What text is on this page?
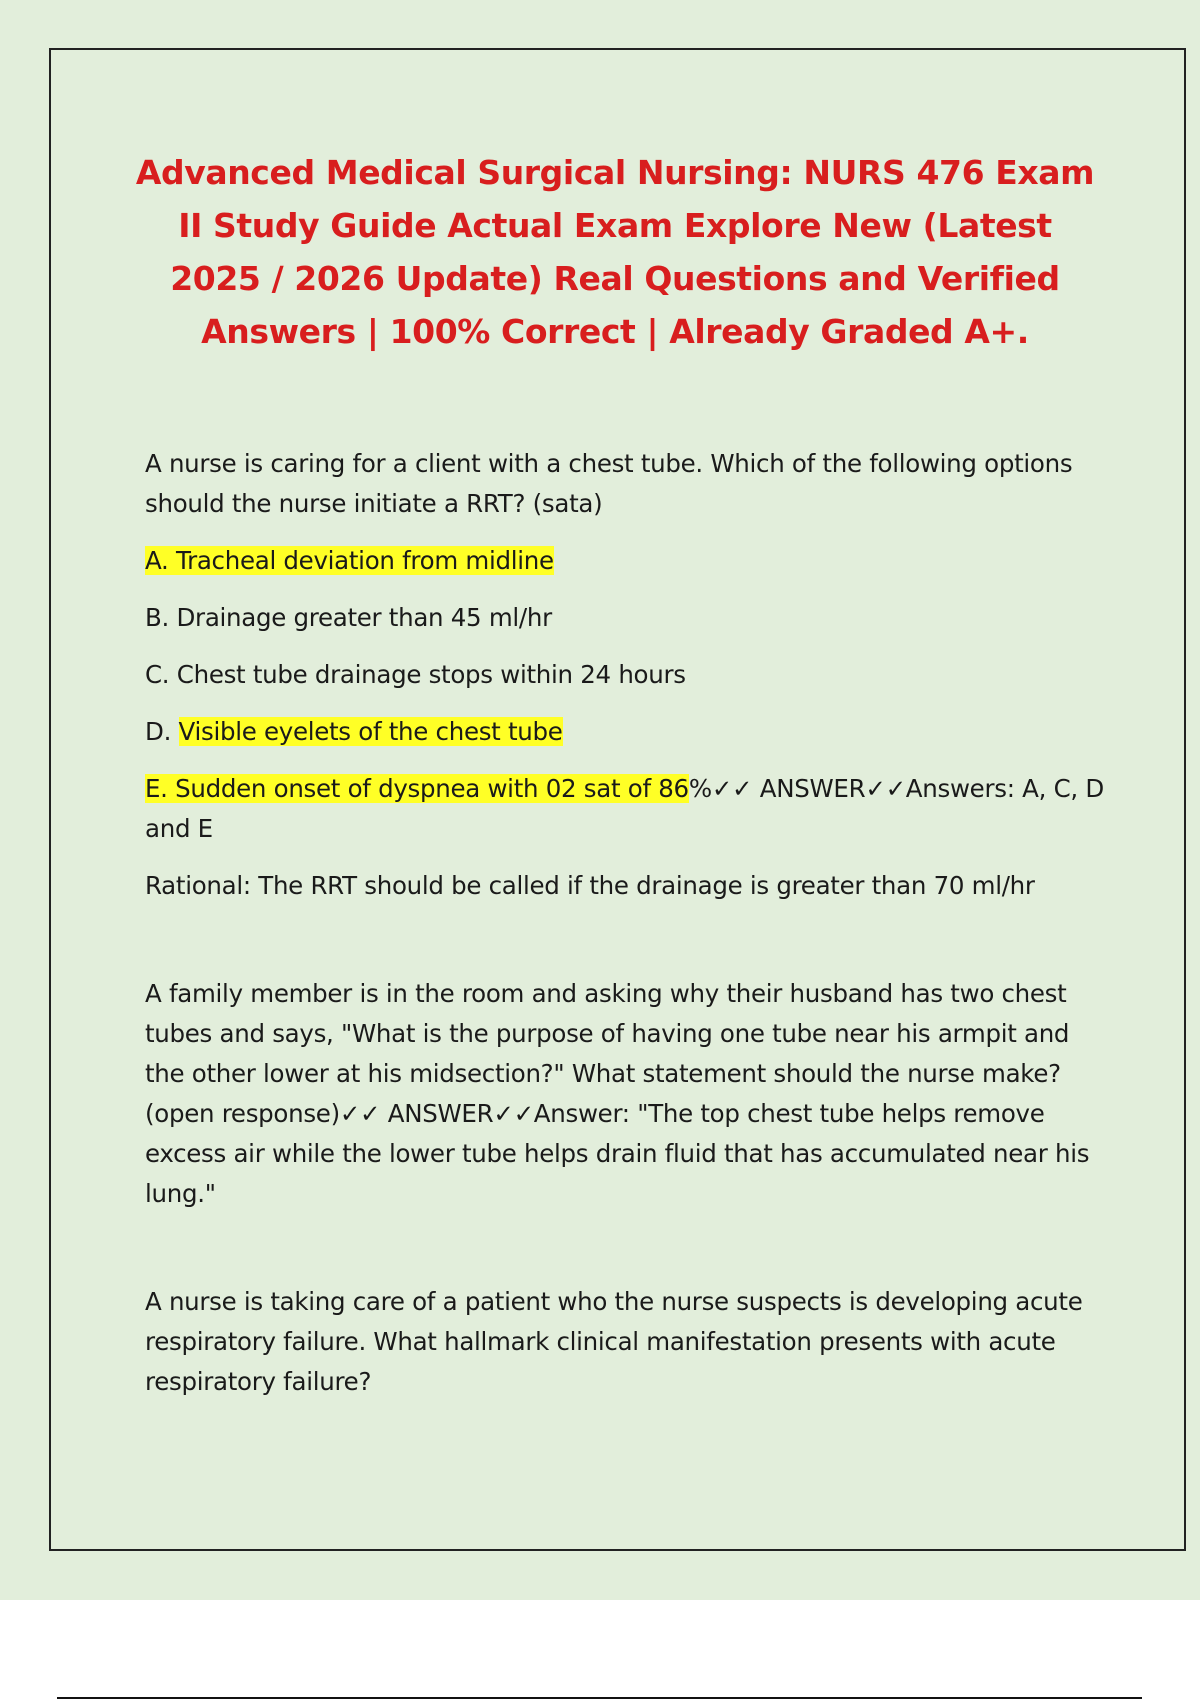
Advanced Medical Surgical Nursing: NURS 476 Exam II Study Guide Actual Exam Explore New (Latest 2025 / 2026 Update) Real Questions and Verified Answers | 100% Correct | Already Graded A+.

A nurse is caring for a client with a chest tube. Which of the following options should the nurse initiate a RRT? (sata)

A. Tracheal deviation from midline

B. Drainage greater than 45 ml/hr

C. Chest tube drainage stops within 24 hours

D. Visible eyelets of the chest tube

E. Sudden onset of dyspnea with 02 sat of 86%✓✓ ANSWER✓✓Answers: A, C, D and E

Rational: The RRT should be called if the drainage is greater than 70 ml/hr

A family member is in the room and asking why their husband has two chest tubes and says, "What is the purpose of having one tube near his armpit and the other lower at his midsection?" What statement should the nurse make? (open response)✓✓ ANSWER✓✓Answer: "The top chest tube helps remove excess air while the lower tube helps drain fluid that has accumulated near his lung."

A nurse is taking care of a patient who the nurse suspects is developing acute respiratory failure. What hallmark clinical manifestation presents with acute respiratory failure?
